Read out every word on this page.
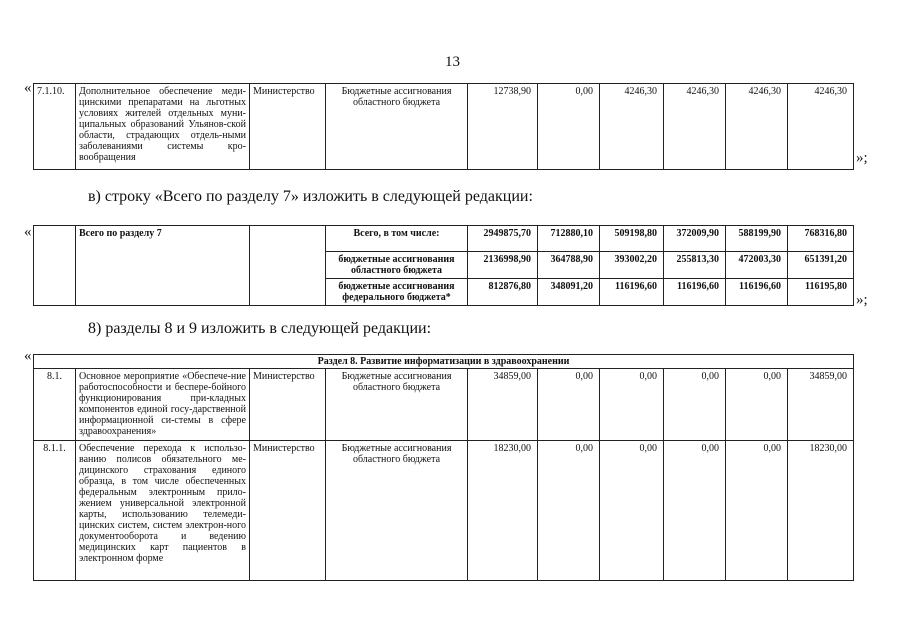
13
« 7.1.10.	Дополнительное обеспечение меди-цинскими препаратами на льготных условиях жителей отдельных муни-ципальных образований Ульянов-ской области, страдающих отдель-ными заболеваниями системы кро-вообращения	Министерство	Бюджетные ассигнования областного бюджета	12738,90	0,00	4246,30	4246,30	4246,30	4246,30
»;
в) строку «Всего по разделу 7» изложить в следующей редакции:
«
		Всего по разделу 7		Всего, в том числе:	2949875,70	712880,10	509198,80	372009,90	588199,90	768316,80
			бюджетные ассигнования областного бюджета	2136998,90	364788,90	393002,20	255813,30	472003,30	651391,20
			бюджетные ассигнования федерального бюджета*	812876,80	348091,20	116196,60	116196,60	116196,60	116195,80
»;
8) разделы 8 и 9 изложить в следующей редакции:
«	Раздел 8. Развитие информатизации в здравоохранении									
8.1.	Основное мероприятие «Обеспече-ние работоспособности и беспере-бойного функционирования при-кладных компонентов единой госу-дарственной информационной си-стемы в сфере здравоохранения»	Министерство	Бюджетные ассигнования областного бюджета	34859,00	0,00	0,00	0,00	0,00	34859,00
8.1.1.	Обеспечение перехода к использо-ванию полисов обязательного ме-дицинского страхования единого образца, в том числе обеспеченных федеральным электронным прило-жением универсальной электронной карты, использованию телемеди-цинских систем, систем электрон-ного документооборота и ведению медицинских карт пациентов в электронном форме	Министерство	Бюджетные ассигнования областного бюджета	18230,00	0,00	0,00	0,00	0,00	18230,00
